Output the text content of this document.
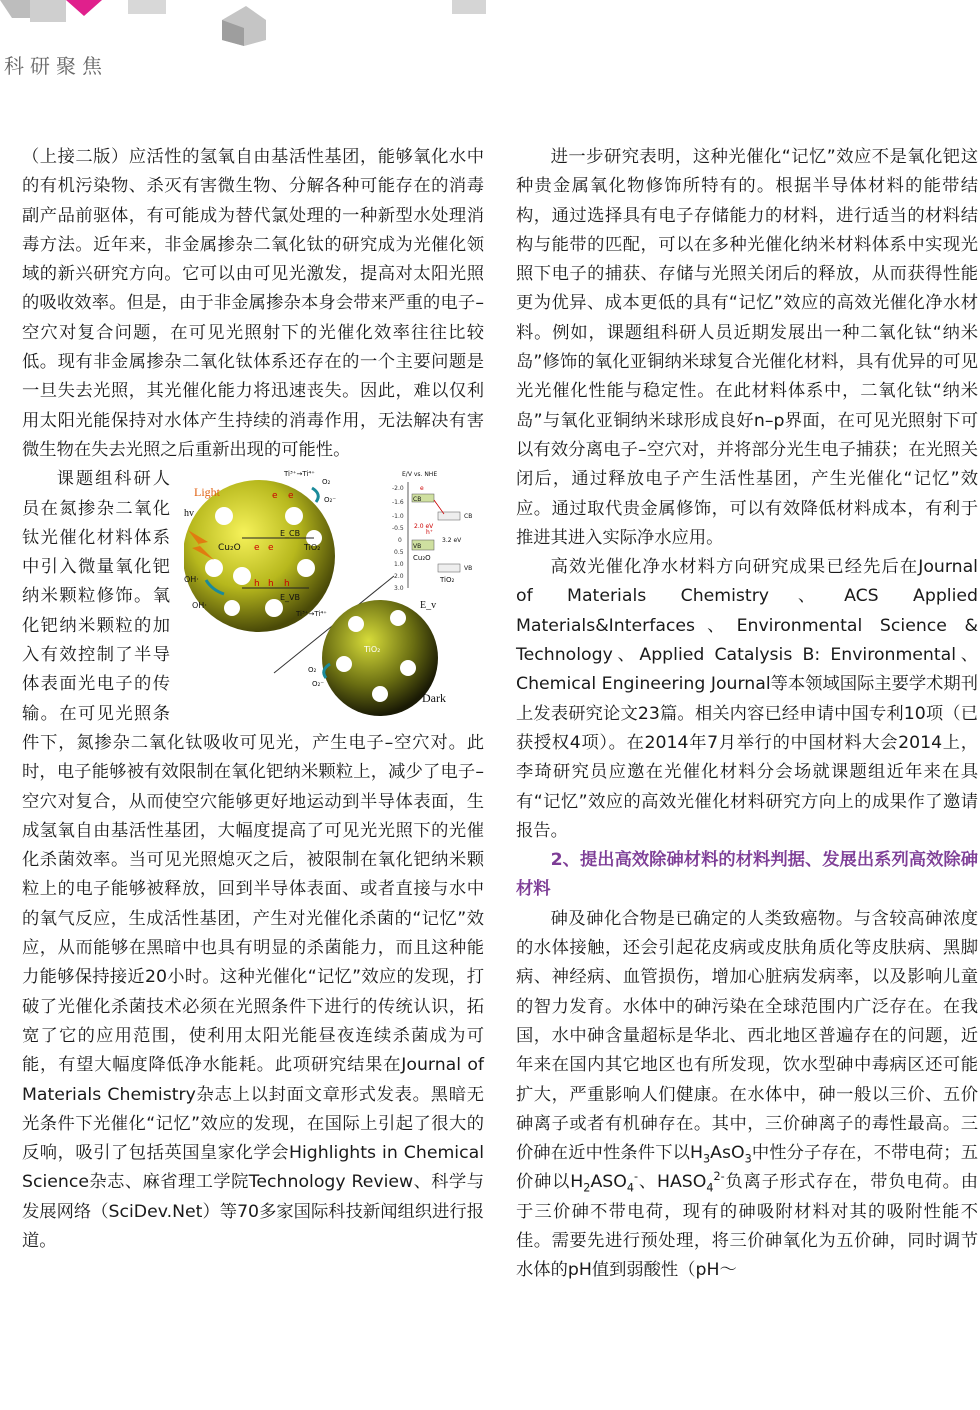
科研聚焦

（上接二版）应活性的氢氧自由基活性基团，能够氧化水中的有机污染物、杀灭有害微生物、分解各种可能存在的消毒副产品前驱体，有可能成为替代氯处理的一种新型水处理消毒方法。近年来，非金属掺杂二氧化钛的研究成为光催化领域的新兴研究方向。它可以由可见光激发，提高对太阳光照的吸收效率。但是，由于非金属掺杂本身会带来严重的电子–空穴对复合问题，在可见光照射下的光催化效率往往比较低。现有非金属掺杂二氧化钛体系还存在的一个主要问题是一旦失去光照，其光催化能力将迅速丧失。因此，难以仅利用太阳光能保持对水体产生持续的消毒作用，无法解决有害微生物在失去光照之后重新出现的可能性。

e e
e e
h h h
Cu₂O	TiO₂
E_CB
E_VB
Light
hv
Ti³⁺→Ti⁴⁺
O₂
O₂⁻
OH·
OH·
TiO₂
Ti³⁺→Ti⁴⁺
O₂
O₂⁻
Dark
E/V vs. NHE
-2.0
-1.6
-1.0
-0.5
0
0.5
1.0
2.0
3.0
CB
VB
2.0 eV
Cu₂O
CB
VB
3.2 eV
TiO₂
e
h⁺
E_v

课题组科研人员在氮掺杂二氧化钛光催化材料体系中引入微量氧化钯纳米颗粒修饰。氧化钯纳米颗粒的加入有效控制了半导体表面光电子的传输。在可见光照条件下，氮掺杂二氧化钛吸收可见光，产生电子–空穴对。此时，电子能够被有效限制在氧化钯纳米颗粒上，减少了电子–空穴对复合，从而使空穴能够更好地运动到半导体表面，生成氢氧自由基活性基团，大幅度提高了可见光光照下的光催化杀菌效率。当可见光照熄灭之后，被限制在氧化钯纳米颗粒上的电子能够被释放，回到半导体表面、或者直接与水中的氧气反应，生成活性基团，产生对光催化杀菌的“记忆”效应，从而能够在黑暗中也具有明显的杀菌能力，而且这种能力能够保持接近20小时。这种光催化“记忆”效应的发现，打破了光催化杀菌技术必须在光照条件下进行的传统认识，拓宽了它的应用范围，使利用太阳光能昼夜连续杀菌成为可能，有望大幅度降低净水能耗。此项研究结果在Journal of Materials Chemistry杂志上以封面文章形式发表。黑暗无光条件下光催化“记忆”效应的发现，在国际上引起了很大的反响，吸引了包括英国皇家化学会Highlights in Chemical Science杂志、麻省理工学院Technology Review、科学与发展网络（SciDev.Net）等70多家国际科技新闻组织进行报道。

进一步研究表明，这种光催化“记忆”效应不是氧化钯这种贵金属氧化物修饰所特有的。根据半导体材料的能带结构，通过选择具有电子存储能力的材料，进行适当的材料结构与能带的匹配，可以在多种光催化纳米材料体系中实现光照下电子的捕获、存储与光照关闭后的释放，从而获得性能更为优异、成本更低的具有“记忆”效应的高效光催化净水材料。例如，课题组科研人员近期发展出一种二氧化钛“纳米岛”修饰的氧化亚铜纳米球复合光催化材料，具有优异的可见光光催化性能与稳定性。在此材料体系中，二氧化钛“纳米岛”与氧化亚铜纳米球形成良好n–p界面，在可见光照射下可以有效分离电子–空穴对，并将部分光生电子捕获；在光照关闭后，通过释放电子产生活性基团，产生光催化“记忆”效应。通过取代贵金属修饰，可以有效降低材料成本，有利于推进其进入实际净水应用。

高效光催化净水材料方向研究成果已经先后在Journal of Materials Chemistry、ACS Applied Materials&Interfaces、Environmental Science & Technology、Applied Catalysis B: Environmental、Chemical Engineering Journal等本领域国际主要学术期刊上发表研究论文23篇。相关内容已经申请中国专利10项（已获授权4项）。在2014年7月举行的中国材料大会2014上，李琦研究员应邀在光催化材料分会场就课题组近年来在具有“记忆”效应的高效光催化材料研究方向上的成果作了邀请报告。

2、提出高效除砷材料的材料判据、发展出系列高效除砷材料

砷及砷化合物是已确定的人类致癌物。与含较高砷浓度的水体接触，还会引起花皮病或皮肤角质化等皮肤病、黑脚病、神经病、血管损伤，增加心脏病发病率，以及影响儿童的智力发育。水体中的砷污染在全球范围内广泛存在。在我国，水中砷含量超标是华北、西北地区普遍存在的问题，近年来在国内其它地区也有所发现，饮水型砷中毒病区还可能扩大，严重影响人们健康。在水体中，砷一般以三价、五价砷离子或者有机砷存在。其中，三价砷离子的毒性最高。三价砷在近中性条件下以$H_3AsO_3$中性分子存在，不带电荷；五价砷以$H_2ASO_4^-$、$HASO_4^{2-}$负离子形式存在，带负电荷。由于三价砷不带电荷，现有的砷吸附材料对其的吸附性能不佳。需要先进行预处理，将三价砷氧化为五价砷，同时调节水体的pH值到弱酸性（pH～
